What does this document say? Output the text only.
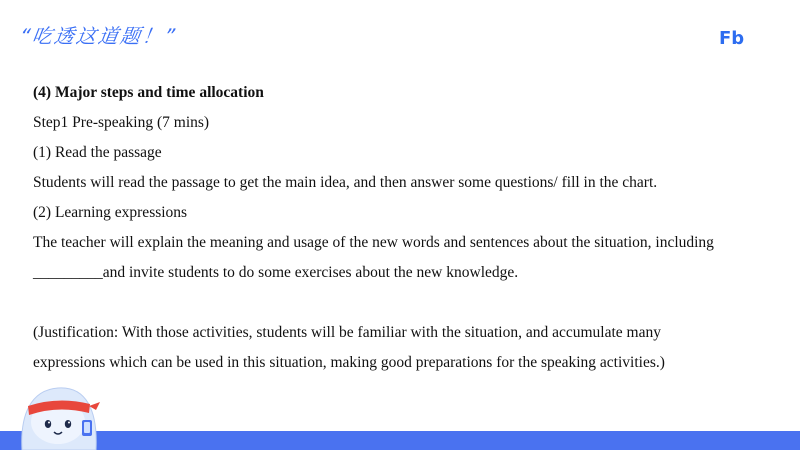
“吃透这道题！”	Fb
(4) Major steps and time allocation
Step1 Pre-speaking (7 mins)
(1) Read the passage
Students will read the passage to get the main idea, and then answer some questions/ fill in the chart.
(2) Learning expressions
The teacher will explain the meaning and usage of the new words and sentences about the situation, including
_________and invite students to do some exercises about the new knowledge.
(Justification: With those activities, students will be familiar with the situation, and accumulate many
expressions which can be used in this situation, making good preparations for the speaking activities.)
